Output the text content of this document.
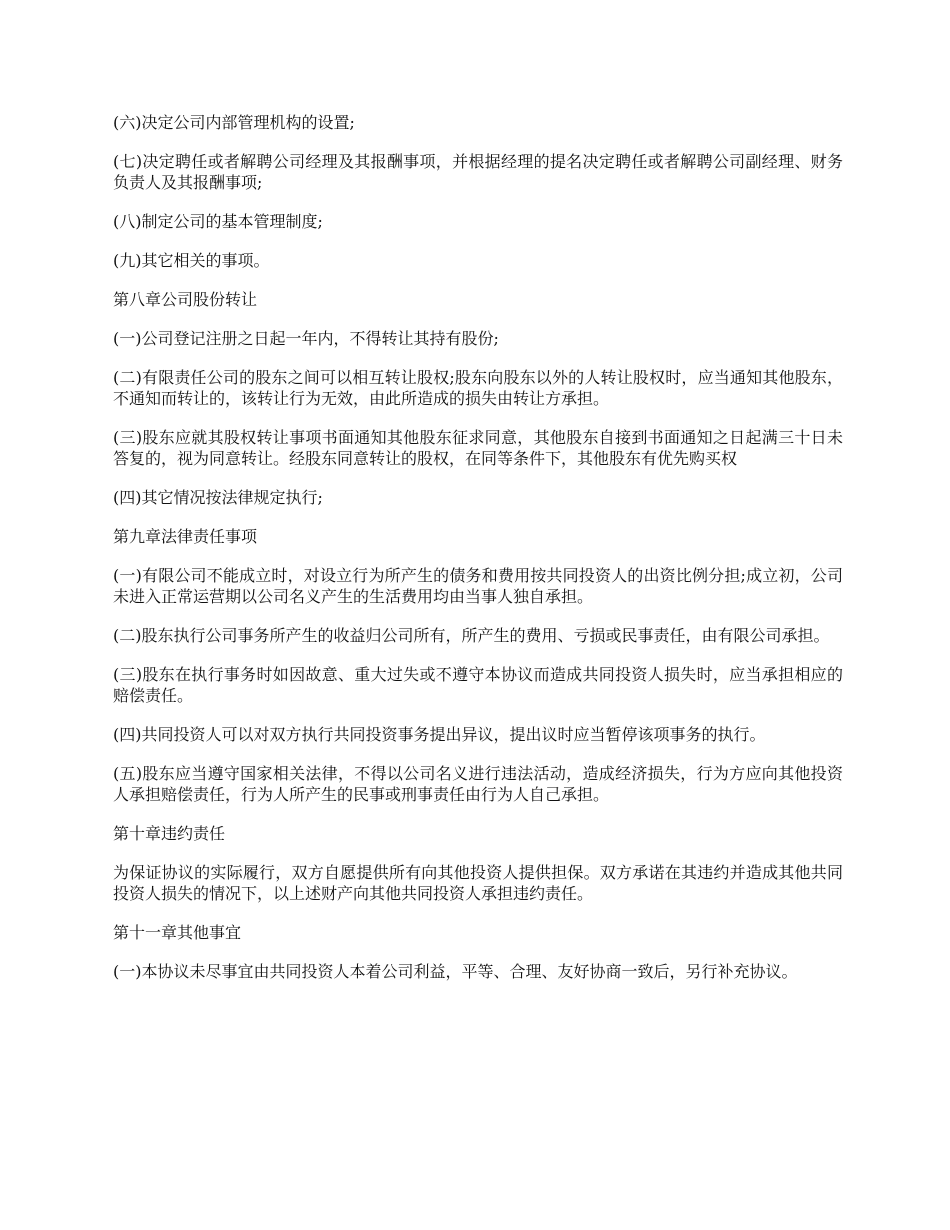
(六)决定公司内部管理机构的设置;

(七)决定聘任或者解聘公司经理及其报酬事项，并根据经理的提名决定聘任或者解聘公司副经理、财务负责人及其报酬事项;

(八)制定公司的基本管理制度;

(九)其它相关的事项。

第八章公司股份转让

(一)公司登记注册之日起一年内，不得转让其持有股份;

(二)有限责任公司的股东之间可以相互转让股权;股东向股东以外的人转让股权时，应当通知其他股东，不通知而转让的，该转让行为无效，由此所造成的损失由转让方承担。

(三)股东应就其股权转让事项书面通知其他股东征求同意，其他股东自接到书面通知之日起满三十日未答复的，视为同意转让。经股东同意转让的股权，在同等条件下，其他股东有优先购买权

(四)其它情况按法律规定执行;

第九章法律责任事项

(一)有限公司不能成立时，对设立行为所产生的债务和费用按共同投资人的出资比例分担;成立初，公司未进入正常运营期以公司名义产生的生活费用均由当事人独自承担。

(二)股东执行公司事务所产生的收益归公司所有，所产生的费用、亏损或民事责任，由有限公司承担。

(三)股东在执行事务时如因故意、重大过失或不遵守本协议而造成共同投资人损失时，应当承担相应的赔偿责任。

(四)共同投资人可以对双方执行共同投资事务提出异议，提出议时应当暂停该项事务的执行。

(五)股东应当遵守国家相关法律，不得以公司名义进行违法活动，造成经济损失，行为方应向其他投资人承担赔偿责任，行为人所产生的民事或刑事责任由行为人自己承担。

第十章违约责任

为保证协议的实际履行，双方自愿提供所有向其他投资人提供担保。双方承诺在其违约并造成其他共同投资人损失的情况下，以上述财产向其他共同投资人承担违约责任。

第十一章其他事宜

(一)本协议未尽事宜由共同投资人本着公司利益，平等、合理、友好协商一致后，另行补充协议。
